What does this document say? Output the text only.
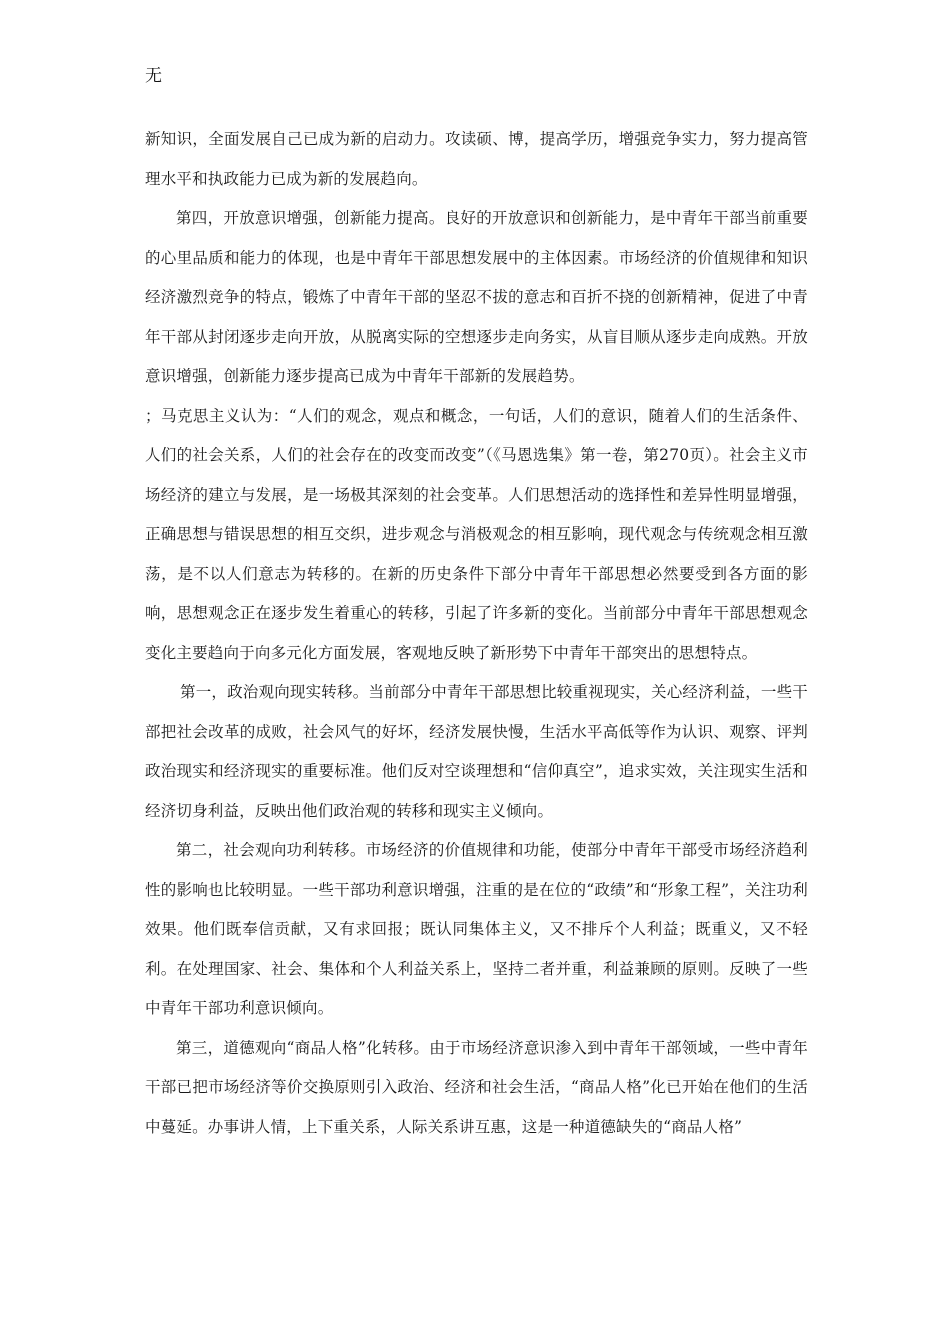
无

新知识，全面发展自己已成为新的启动力。攻读硕、博，提高学历，增强竞争实力，努力提高管理水平和执政能力已成为新的发展趋向。

第四，开放意识增强，创新能力提高。良好的开放意识和创新能力，是中青年干部当前重要的心里品质和能力的体现，也是中青年干部思想发展中的主体因素。市场经济的价值规律和知识经济激烈竞争的特点，锻炼了中青年干部的坚忍不拔的意志和百折不挠的创新精神，促进了中青年干部从封闭逐步走向开放，从脱离实际的空想逐步走向务实，从盲目顺从逐步走向成熟。开放意识增强，创新能力逐步提高已成为中青年干部新的发展趋势。

；马克思主义认为：“人们的观念，观点和概念，一句话，人们的意识，随着人们的生活条件、人们的社会关系，人们的社会存在的改变而改变”（《马恩选集》第一卷，第270页）。社会主义市场经济的建立与发展，是一场极其深刻的社会变革。人们思想活动的选择性和差异性明显增强，正确思想与错误思想的相互交织，进步观念与消极观念的相互影响，现代观念与传统观念相互激荡，是不以人们意志为转移的。在新的历史条件下部分中青年干部思想必然要受到各方面的影响，思想观念正在逐步发生着重心的转移，引起了许多新的变化。当前部分中青年干部思想观念变化主要趋向于向多元化方面发展，客观地反映了新形势下中青年干部突出的思想特点。

第一，政治观向现实转移。当前部分中青年干部思想比较重视现实，关心经济利益，一些干部把社会改革的成败，社会风气的好坏，经济发展快慢，生活水平高低等作为认识、观察、评判政治现实和经济现实的重要标准。他们反对空谈理想和“信仰真空”，追求实效，关注现实生活和经济切身利益，反映出他们政治观的转移和现实主义倾向。

第二，社会观向功利转移。市场经济的价值规律和功能，使部分中青年干部受市场经济趋利性的影响也比较明显。一些干部功利意识增强，注重的是在位的“政绩”和“形象工程”，关注功利效果。他们既奉信贡献，又有求回报；既认同集体主义，又不排斥个人利益；既重义，又不轻利。在处理国家、社会、集体和个人利益关系上，坚持二者并重，利益兼顾的原则。反映了一些中青年干部功利意识倾向。

第三，道德观向“商品人格”化转移。由于市场经济意识渗入到中青年干部领域，一些中青年干部已把市场经济等价交换原则引入政治、经济和社会生活，“商品人格”化已开始在他们的生活中蔓延。办事讲人情，上下重关系，人际关系讲互惠，这是一种道德缺失的“商品人格”
